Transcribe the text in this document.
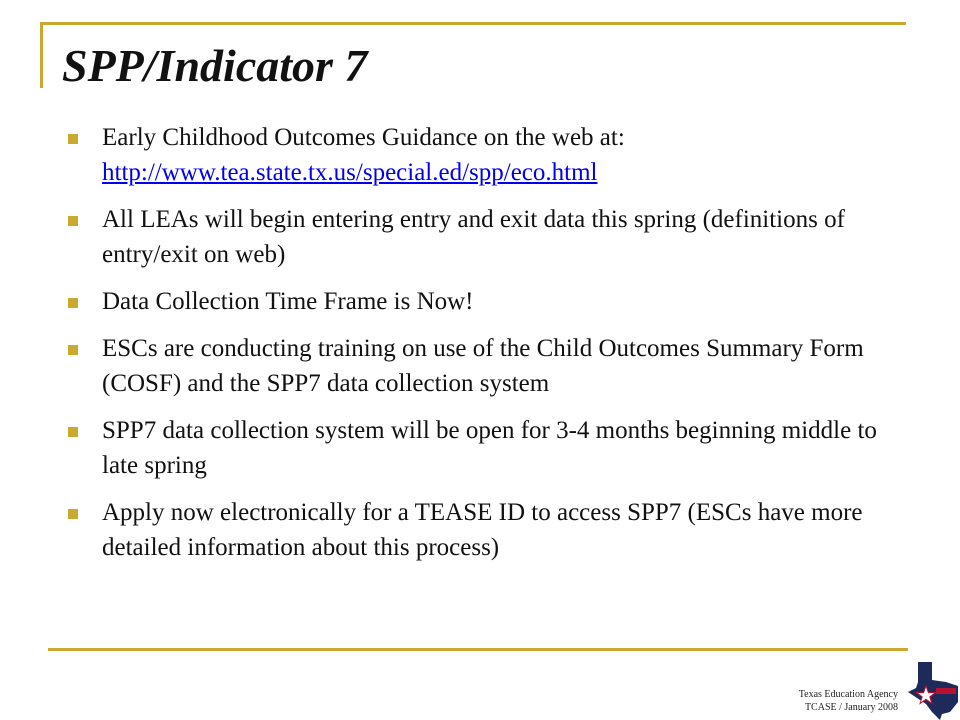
SPP/Indicator 7
Early Childhood Outcomes Guidance on the web at:
http://www.tea.state.tx.us/special.ed/spp/eco.html
All LEAs will begin entering entry and exit data this spring (definitions of entry/exit on web)
Data Collection Time Frame is Now!
ESCs are conducting training on use of the Child Outcomes Summary Form (COSF) and the SPP7 data collection system
SPP7 data collection system will be open for 3-4 months beginning middle to late spring
Apply now electronically for a TEASE ID to access SPP7 (ESCs have more detailed information about this process)
Texas Education Agency
TCASE / January 2008
